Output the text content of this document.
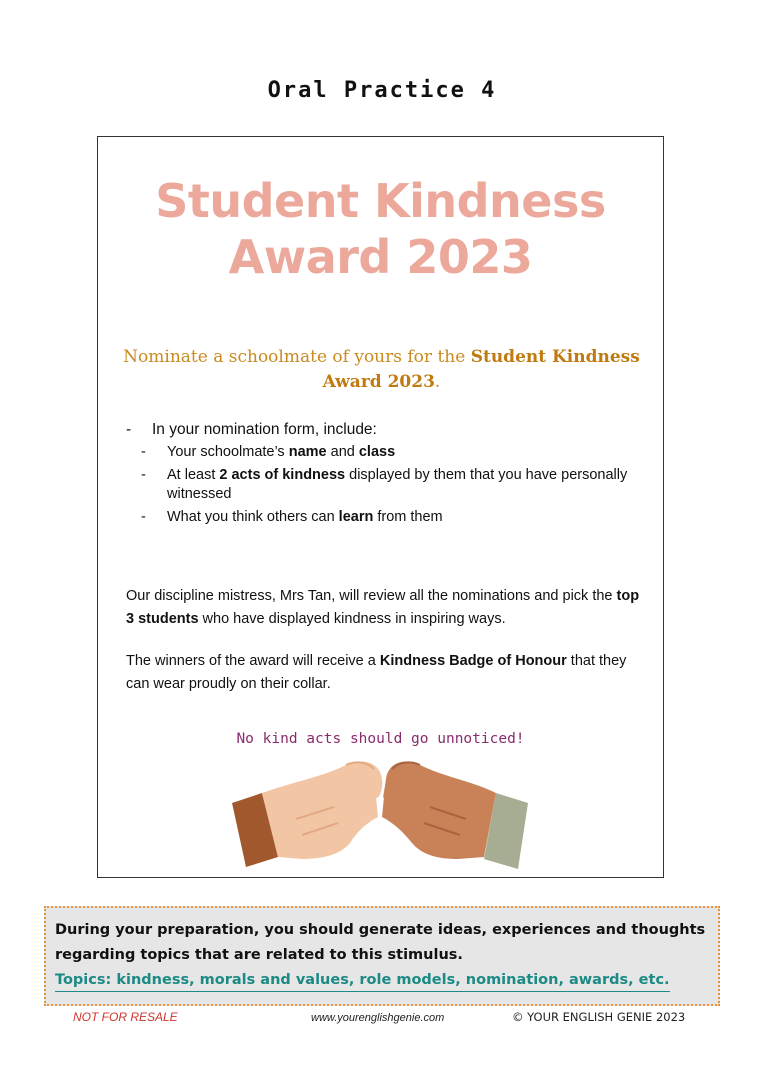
Oral Practice 4
Student Kindness
Award 2023
Nominate a schoolmate of yours for the Student Kindness Award 2023.
- In your nomination form, include:
- Your schoolmate’s name and class
- At least 2 acts of kindness displayed by them that you have personally witnessed
- What you think others can learn from them
Our discipline mistress, Mrs Tan, will review all the nominations and pick the top 3 students who have displayed kindness in inspiring ways.
The winners of the award will receive a Kindness Badge of Honour that they can wear proudly on their collar.
No kind acts should go unnoticed!
During your preparation, you should generate ideas, experiences and thoughts
regarding topics that are related to this stimulus.
Topics: kindness, morals and values, role models, nomination, awards, etc.
NOT FOR RESALE	www.yourenglishgenie.com	© YOUR ENGLISH GENIE 2023
